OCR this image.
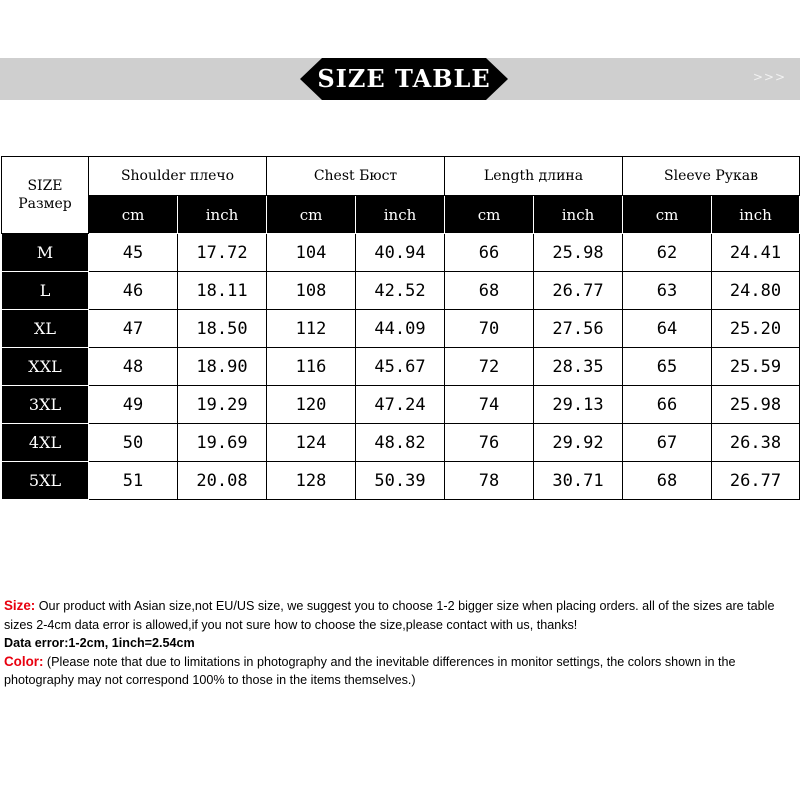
SIZE TABLE	>>>
SIZE
Размер	Shoulder плечо		Chest Бюст		Length длина		Sleeve Рукав	
	cm	inch	cm	inch	cm	inch	cm	inch
M	45	17.72	104	40.94	66	25.98	62	24.41
L	46	18.11	108	42.52	68	26.77	63	24.80
XL	47	18.50	112	44.09	70	27.56	64	25.20
XXL	48	18.90	116	45.67	72	28.35	65	25.59
3XL	49	19.29	120	47.24	74	29.13	66	25.98
4XL	50	19.69	124	48.82	76	29.92	67	26.38
5XL	51	20.08	128	50.39	78	30.71	68	26.77

Size: Our product with Asian size,not EU/US size, we suggest you to choose 1-2 bigger size when placing orders. all of the sizes are table sizes 2-4cm data error is allowed,if you not sure how to choose the size,please contact with us, thanks!

Data error:1-2cm, 1inch=2.54cm

Color: (Please note that due to limitations in photography and the inevitable differences in monitor settings, the colors shown in the photography may not correspond 100% to those in the items themselves.)
